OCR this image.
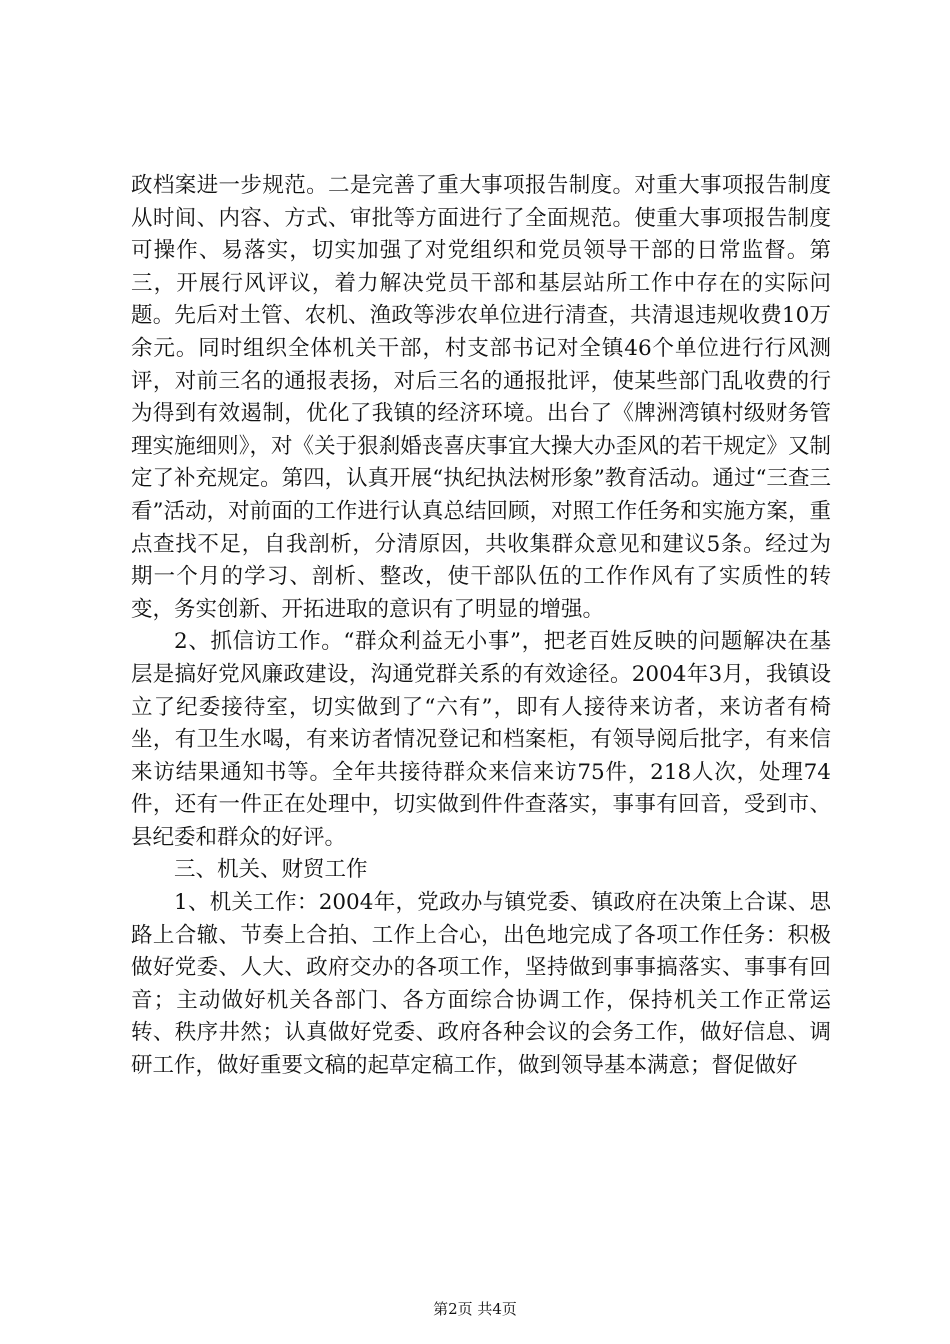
政档案进一步规范。二是完善了重大事项报告制度。对重大事项报告制度从时间、内容、方式、审批等方面进行了全面规范。使重大事项报告制度可操作、易落实，切实加强了对党组织和党员领导干部的日常监督。第三，开展行风评议，着力解决党员干部和基层站所工作中存在的实际问题。先后对土管、农机、渔政等涉农单位进行清查，共清退违规收费10万余元。同时组织全体机关干部，村支部书记对全镇46个单位进行行风测评，对前三名的通报表扬，对后三名的通报批评，使某些部门乱收费的行为得到有效遏制，优化了我镇的经济环境。出台了《牌洲湾镇村级财务管理实施细则》，对《关于狠刹婚丧喜庆事宜大操大办歪风的若干规定》又制定了补充规定。第四，认真开展“执纪执法树形象”教育活动。通过“三查三看”活动，对前面的工作进行认真总结回顾，对照工作任务和实施方案，重点查找不足，自我剖析，分清原因，共收集群众意见和建议5条。经过为期一个月的学习、剖析、整改，使干部队伍的工作作风有了实质性的转变，务实创新、开拓进取的意识有了明显的增强。

2、抓信访工作。“群众利益无小事”，把老百姓反映的问题解决在基层是搞好党风廉政建设，沟通党群关系的有效途径。2004年3月，我镇设立了纪委接待室，切实做到了“六有”，即有人接待来访者，来访者有椅坐，有卫生水喝，有来访者情况登记和档案柜，有领导阅后批字，有来信来访结果通知书等。全年共接待群众来信来访75件，218人次，处理74件，还有一件正在处理中，切实做到件件查落实，事事有回音，受到市、县纪委和群众的好评。

三、机关、财贸工作

1、机关工作：2004年，党政办与镇党委、镇政府在决策上合谋、思路上合辙、节奏上合拍、工作上合心，出色地完成了各项工作任务：积极做好党委、人大、政府交办的各项工作，坚持做到事事搞落实、事事有回音；主动做好机关各部门、各方面综合协调工作，保持机关工作正常运转、秩序井然；认真做好党委、政府各种会议的会务工作，做好信息、调研工作，做好重要文稿的起草定稿工作，做到领导基本满意；督促做好

第2页 共4页
